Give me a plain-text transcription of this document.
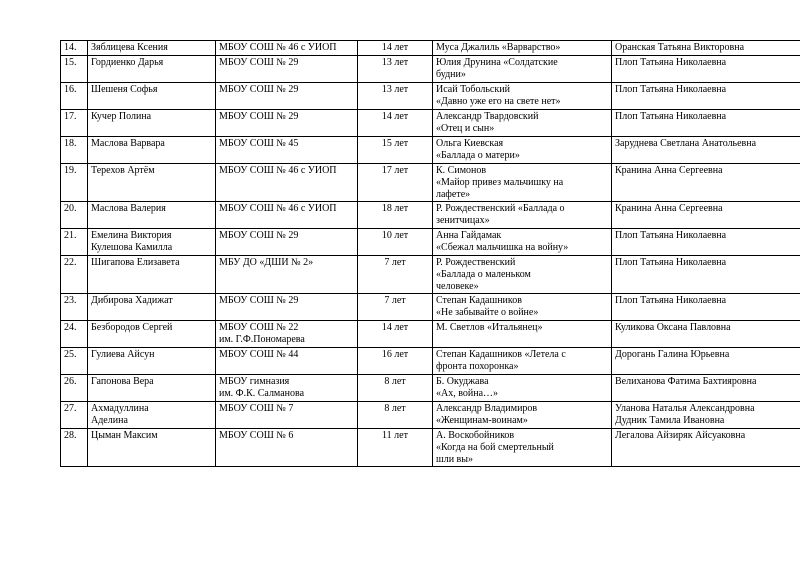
14.	Зяблицева Ксения	МБОУ СОШ № 46 с УИОП	14 лет	Муса Джалиль «Варварство»	Оранская Татьяна Викторовна

15.	Гордиенко Дарья	МБОУ СОШ № 29	13 лет	Юлия Друнина «Солдатские
будни»	Плоп Татьяна Николаевна

16.	Шешеня Софья	МБОУ СОШ № 29	13 лет	Исай Тобольский
«Давно уже его на свете нет»	Плоп Татьяна Николаевна

17.	Кучер Полина	МБОУ СОШ № 29	14 лет	Александр Твардовский
«Отец и сын»	Плоп Татьяна Николаевна

18.	Маслова Варвара	МБОУ СОШ № 45	15 лет	Ольга Киевская
«Баллада о матери»	Заруднева Светлана Анатольевна

19.	Терехов Артём	МБОУ СОШ № 46 с УИОП	17 лет	К. Симонов
«Майор привез мальчишку на
лафете»	Кранина Анна Сергеевна

20.	Маслова Валерия	МБОУ СОШ № 46 с УИОП	18 лет	Р. Рождественский «Баллада о
зенитчицах»	Кранина Анна Сергеевна

21.	Емелина Виктория
Кулешова Камилла	МБОУ СОШ № 29	10 лет	Анна Гайдамак
«Сбежал мальчишка на войну»	Плоп Татьяна Николаевна

22.	Шигапова Елизавета	МБУ ДО «ДШИ № 2»	7 лет	Р. Рождественский
«Баллада о маленьком
человеке»	Плоп Татьяна Николаевна

23.	Дибирова Хадижат	МБОУ СОШ № 29	7 лет	Степан Кадашников
«Не забывайте о войне»	Плоп Татьяна Николаевна

24.	Безбородов Сергей	МБОУ СОШ № 22
им. Г.Ф.Пономарева	14 лет	М. Светлов «Итальянец»	Куликова Оксана Павловна

25.	Гулиева Айсун	МБОУ СОШ № 44	16 лет	Степан Кадашников «Летела с
фронта похоронка»	Дорогань Галина Юрьевна

26.	Гапонова Вера	МБОУ гимназия
им. Ф.К. Салманова	8 лет	Б. Окуджава
«Ах, война…»	Велиханова Фатима Бахтияровна

27.	Ахмадуллина
Аделина	МБОУ СОШ № 7	8 лет	Александр Владимиров
«Женщинам-воинам»	Уланова Наталья Александровна
Дудник Тамила Ивановна

28.	Цыман Максим	МБОУ СОШ № 6	11 лет	А. Воскобойников
«Когда на бой смертельный
шли вы»	Легалова Айзиряк Айсуаковна
